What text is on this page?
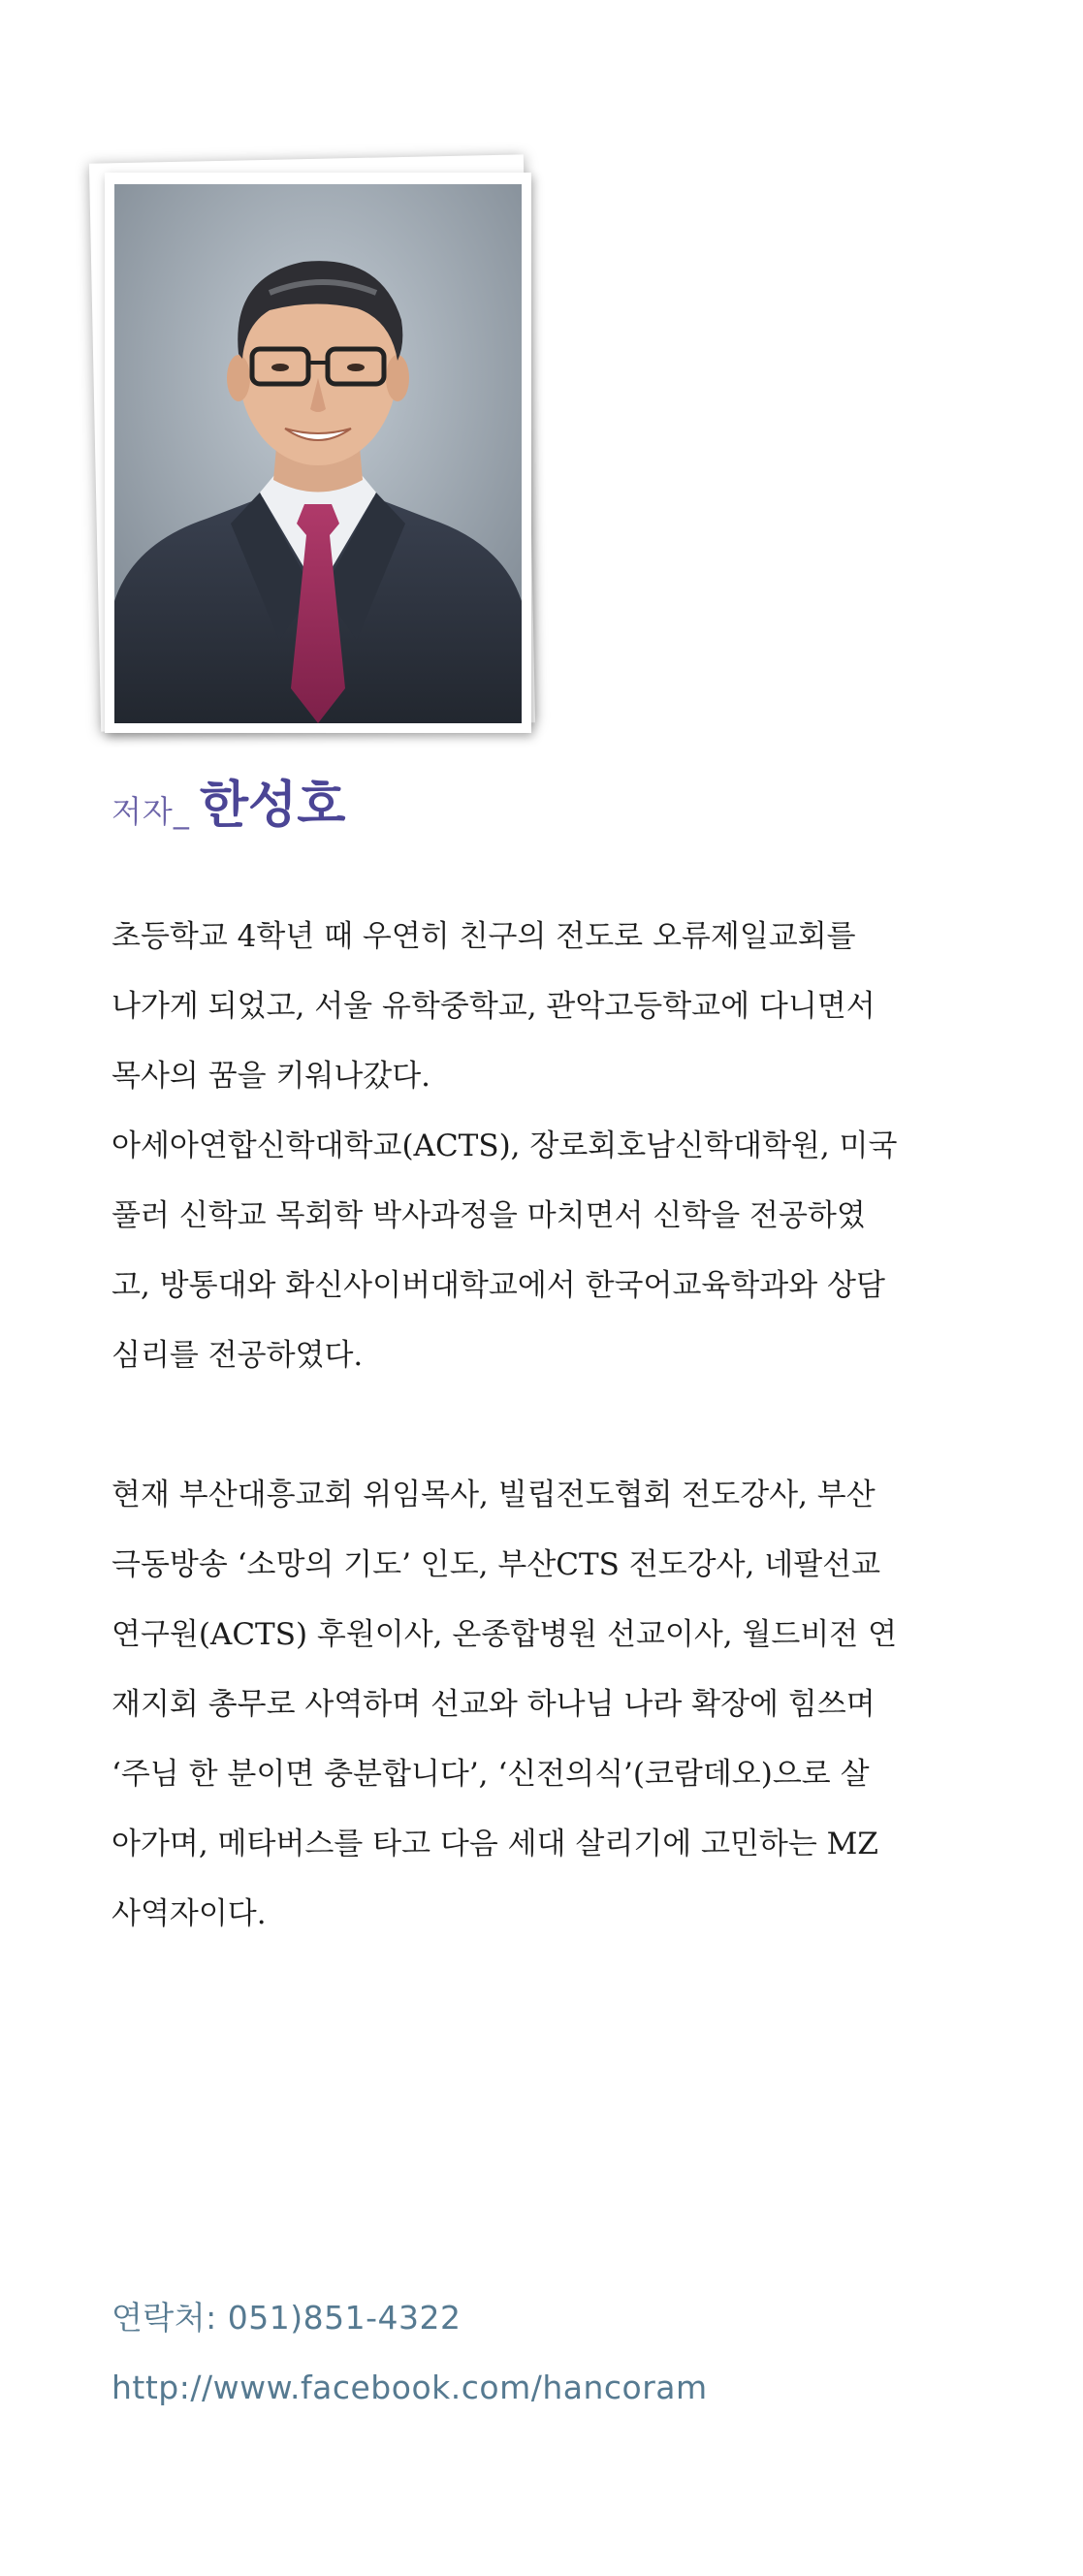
저자_ 한성호

초등학교 4학년 때 우연히 친구의 전도로 오류제일교회를

나가게 되었고, 서울 유학중학교, 관악고등학교에 다니면서

목사의 꿈을 키워나갔다.

아세아연합신학대학교(ACTS), 장로회호남신학대학원, 미국

풀러 신학교 목회학 박사과정을 마치면서 신학을 전공하였

고, 방통대와 화신사이버대학교에서 한국어교육학과와 상담

심리를 전공하였다.

현재 부산대흥교회 위임목사, 빌립전도협회 전도강사, 부산

극동방송 ‘소망의 기도’ 인도, 부산CTS 전도강사, 네팔선교

연구원(ACTS) 후원이사, 온종합병원 선교이사, 월드비전 연

재지회 총무로 사역하며 선교와 하나님 나라 확장에 힘쓰며

‘주님 한 분이면 충분합니다’, ‘신전의식’(코람데오)으로 살

아가며, 메타버스를 타고 다음 세대 살리기에 고민하는 MZ

사역자이다.

연락처: 051)851-4322
http://www.facebook.com/hancoram
